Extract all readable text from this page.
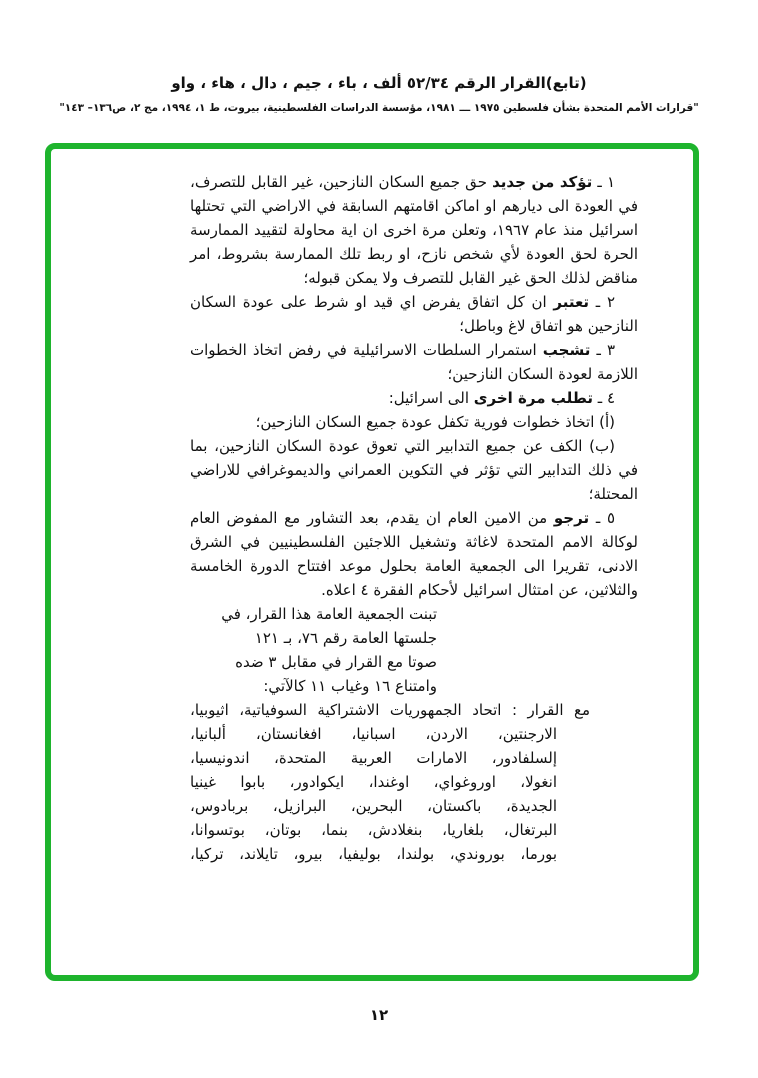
(تابع)القرار الرقم ٥٢/٣٤ ألف ، باء ، جيم ، دال ، هاء ، واو
"قرارات الأمم المتحدة بشأن فلسطين ١٩٧٥ ـــ ١٩٨١، مؤسسة الدراسات الفلسطينية، بيروت، ط ١، ١٩٩٤، مج ٢، ص١٣٦– ١٤٣"

١ ـ تؤكد من جديد حق جميع السكان النازحين، غير القابل للتصرف، في العودة الى ديارهم او اماكن اقامتهم السابقة في الاراضي التي تحتلها اسرائيل منذ عام ١٩٦٧، وتعلن مرة اخرى ان اية محاولة لتقييد الممارسة الحرة لحق العودة لأي شخص نازح، او ربط تلك الممارسة بشروط، امر مناقض لذلك الحق غير القابل للتصرف ولا يمكن قبوله؛

٢ ـ تعتبر ان كل اتفاق يفرض اي قيد او شرط على عودة السكان النازحين هو اتفاق لاغ وباطل؛

٣ ـ تشجب استمرار السلطات الاسرائيلية في رفض اتخاذ الخطوات اللازمة لعودة السكان النازحين؛

٤ ـ تطلب مرة اخرى الى اسرائيل:

(أ) اتخاذ خطوات فورية تكفل عودة جميع السكان النازحين؛

(ب) الكف عن جميع التدابير التي تعوق عودة السكان النازحين، بما في ذلك التدابير التي تؤثر في التكوين العمراني والديموغرافي للاراضي المحتلة؛

٥ ـ ترجو من الامين العام ان يقدم، بعد التشاور مع المفوض العام لوكالة الامم المتحدة لاغاثة وتشغيل اللاجئين الفلسطينيين في الشرق الادنى، تقريرا الى الجمعية العامة بحلول موعد افتتاح الدورة الخامسة والثلاثين، عن امتثال اسرائيل لأحكام الفقرة ٤ اعلاه.

تبنت الجمعية العامة هذا القرار، في
جلستها العامة رقم ٧٦، بـ ١٢١
صوتا مع القرار في مقابل ٣ ضده
وامتناع ١٦ وغياب ١١ كالآتي:
مع القرار : اتحاد الجمهوريات الاشتراكية السوفياتية، اثيوبيا،
الارجنتين، الاردن، اسبانيا، افغانستان، ألبانيا،
إلسلفادور، الامارات العربية المتحدة، اندونيسيا،
انغولا، اوروغواي، اوغندا، ايكوادور، بابوا غينيا
الجديدة، باكستان، البحرين، البرازيل، بربادوس،
البرتغال، بلغاريا، بنغلادش، بنما، بوتان، بوتسوانا،
بورما، بوروندي، بولندا، بوليفيا، بيرو، تايلاند، تركيا،
١٢
